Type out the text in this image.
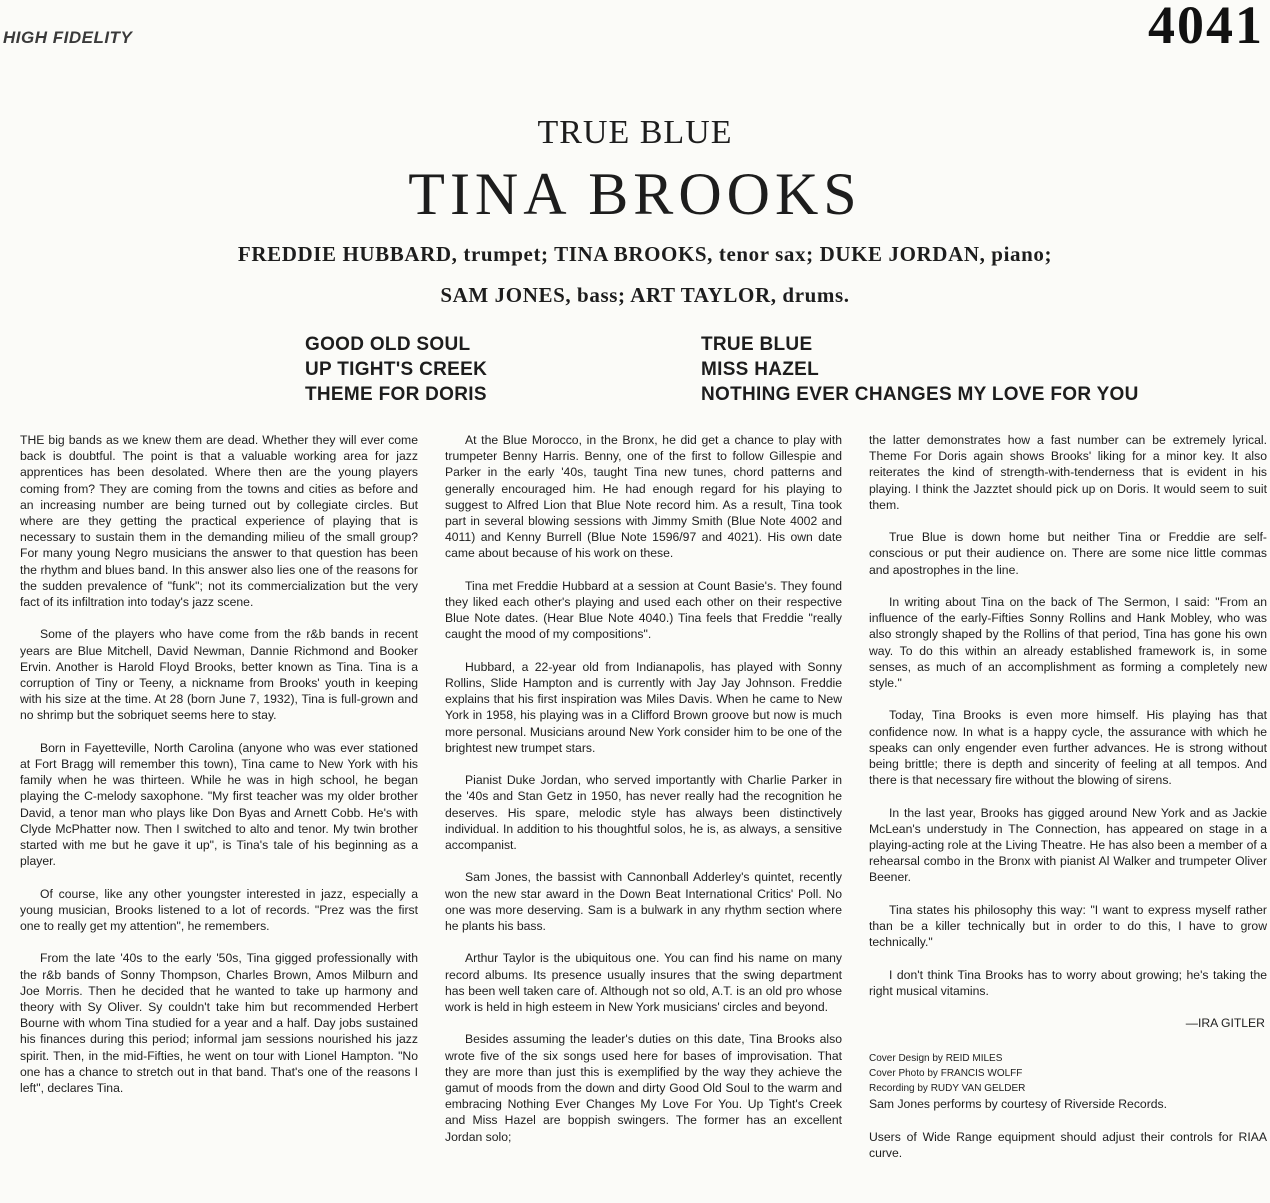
HIGH FIDELITY	4041
TRUE BLUE
TINA BROOKS
FREDDIE HUBBARD, trumpet; TINA BROOKS, tenor sax; DUKE JORDAN, piano;
SAM JONES, bass; ART TAYLOR, drums.
GOOD OLD SOUL
UP TIGHT'S CREEK
THEME FOR DORIS
TRUE BLUE
MISS HAZEL
NOTHING EVER CHANGES MY LOVE FOR YOU

THE big bands as we knew them are dead. Whether they will ever come back is doubtful. The point is that a valuable working area for jazz apprentices has been desolated. Where then are the young players coming from? They are coming from the towns and cities as before and an increasing number are being turned out by collegiate circles. But where are they getting the practical experience of playing that is necessary to sustain them in the demanding milieu of the small group? For many young Negro musicians the answer to that question has been the rhythm and blues band. In this answer also lies one of the reasons for the sudden prevalence of "funk"; not its commercialization but the very fact of its infiltration into today's jazz scene.

Some of the players who have come from the r&b bands in recent years are Blue Mitchell, David Newman, Dannie Richmond and Booker Ervin. Another is Harold Floyd Brooks, better known as Tina. Tina is a corruption of Tiny or Teeny, a nickname from Brooks' youth in keeping with his size at the time. At 28 (born June 7, 1932), Tina is full-grown and no shrimp but the sobriquet seems here to stay.

Born in Fayetteville, North Carolina (anyone who was ever stationed at Fort Bragg will remember this town), Tina came to New York with his family when he was thirteen. While he was in high school, he began playing the C-melody saxophone. "My first teacher was my older brother David, a tenor man who plays like Don Byas and Arnett Cobb. He's with Clyde McPhatter now. Then I switched to alto and tenor. My twin brother started with me but he gave it up", is Tina's tale of his beginning as a player.

Of course, like any other youngster interested in jazz, especially a young musician, Brooks listened to a lot of records. "Prez was the first one to really get my attention", he remembers.

From the late '40s to the early '50s, Tina gigged professionally with the r&b bands of Sonny Thompson, Charles Brown, Amos Milburn and Joe Morris. Then he decided that he wanted to take up harmony and theory with Sy Oliver. Sy couldn't take him but recommended Herbert Bourne with whom Tina studied for a year and a half. Day jobs sustained his finances during this period; informal jam sessions nourished his jazz spirit. Then, in the mid-Fifties, he went on tour with Lionel Hampton. "No one has a chance to stretch out in that band. That's one of the reasons I left", declares Tina.

At the Blue Morocco, in the Bronx, he did get a chance to play with trumpeter Benny Harris. Benny, one of the first to follow Gillespie and Parker in the early '40s, taught Tina new tunes, chord patterns and generally encouraged him. He had enough regard for his playing to suggest to Alfred Lion that Blue Note record him. As a result, Tina took part in several blowing sessions with Jimmy Smith (Blue Note 4002 and 4011) and Kenny Burrell (Blue Note 1596/97 and 4021). His own date came about because of his work on these.

Tina met Freddie Hubbard at a session at Count Basie's. They found they liked each other's playing and used each other on their respective Blue Note dates. (Hear Blue Note 4040.) Tina feels that Freddie "really caught the mood of my compositions".

Hubbard, a 22-year old from Indianapolis, has played with Sonny Rollins, Slide Hampton and is currently with Jay Jay Johnson. Freddie explains that his first inspiration was Miles Davis. When he came to New York in 1958, his playing was in a Clifford Brown groove but now is much more personal. Musicians around New York consider him to be one of the brightest new trumpet stars.

Pianist Duke Jordan, who served importantly with Charlie Parker in the '40s and Stan Getz in 1950, has never really had the recognition he deserves. His spare, melodic style has always been distinctively individual. In addition to his thoughtful solos, he is, as always, a sensitive accompanist.

Sam Jones, the bassist with Cannonball Adderley's quintet, recently won the new star award in the Down Beat International Critics' Poll. No one was more deserving. Sam is a bulwark in any rhythm section where he plants his bass.

Arthur Taylor is the ubiquitous one. You can find his name on many record albums. Its presence usually insures that the swing department has been well taken care of. Although not so old, A.T. is an old pro whose work is held in high esteem in New York musicians' circles and beyond.

Besides assuming the leader's duties on this date, Tina Brooks also wrote five of the six songs used here for bases of improvisation. That they are more than just this is exemplified by the way they achieve the gamut of moods from the down and dirty Good Old Soul to the warm and embracing Nothing Ever Changes My Love For You. Up Tight's Creek and Miss Hazel are boppish swingers. The former has an excellent Jordan solo;

the latter demonstrates how a fast number can be extremely lyrical. Theme For Doris again shows Brooks' liking for a minor key. It also reiterates the kind of strength-with-tenderness that is evident in his playing. I think the Jazztet should pick up on Doris. It would seem to suit them.

True Blue is down home but neither Tina or Freddie are self-conscious or put their audience on. There are some nice little commas and apostrophes in the line.

In writing about Tina on the back of The Sermon, I said: "From an influence of the early-Fifties Sonny Rollins and Hank Mobley, who was also strongly shaped by the Rollins of that period, Tina has gone his own way. To do this within an already established framework is, in some senses, as much of an accomplishment as forming a completely new style."

Today, Tina Brooks is even more himself. His playing has that confidence now. In what is a happy cycle, the assurance with which he speaks can only engender even further advances. He is strong without being brittle; there is depth and sincerity of feeling at all tempos. And there is that necessary fire without the blowing of sirens.

In the last year, Brooks has gigged around New York and as Jackie McLean's understudy in The Connection, has appeared on stage in a playing-acting role at the Living Theatre. He has also been a member of a rehearsal combo in the Bronx with pianist Al Walker and trumpeter Oliver Beener.

Tina states his philosophy this way: "I want to express myself rather than be a killer technically but in order to do this, I have to grow technically."

I don't think Tina Brooks has to worry about growing; he's taking the right musical vitamins.

—IRA GITLER
Cover Design by REID MILES
Cover Photo by FRANCIS WOLFF
Recording by RUDY VAN GELDER

Sam Jones performs by courtesy of Riverside Records.

Users of Wide Range equipment should adjust their controls for RIAA curve.
